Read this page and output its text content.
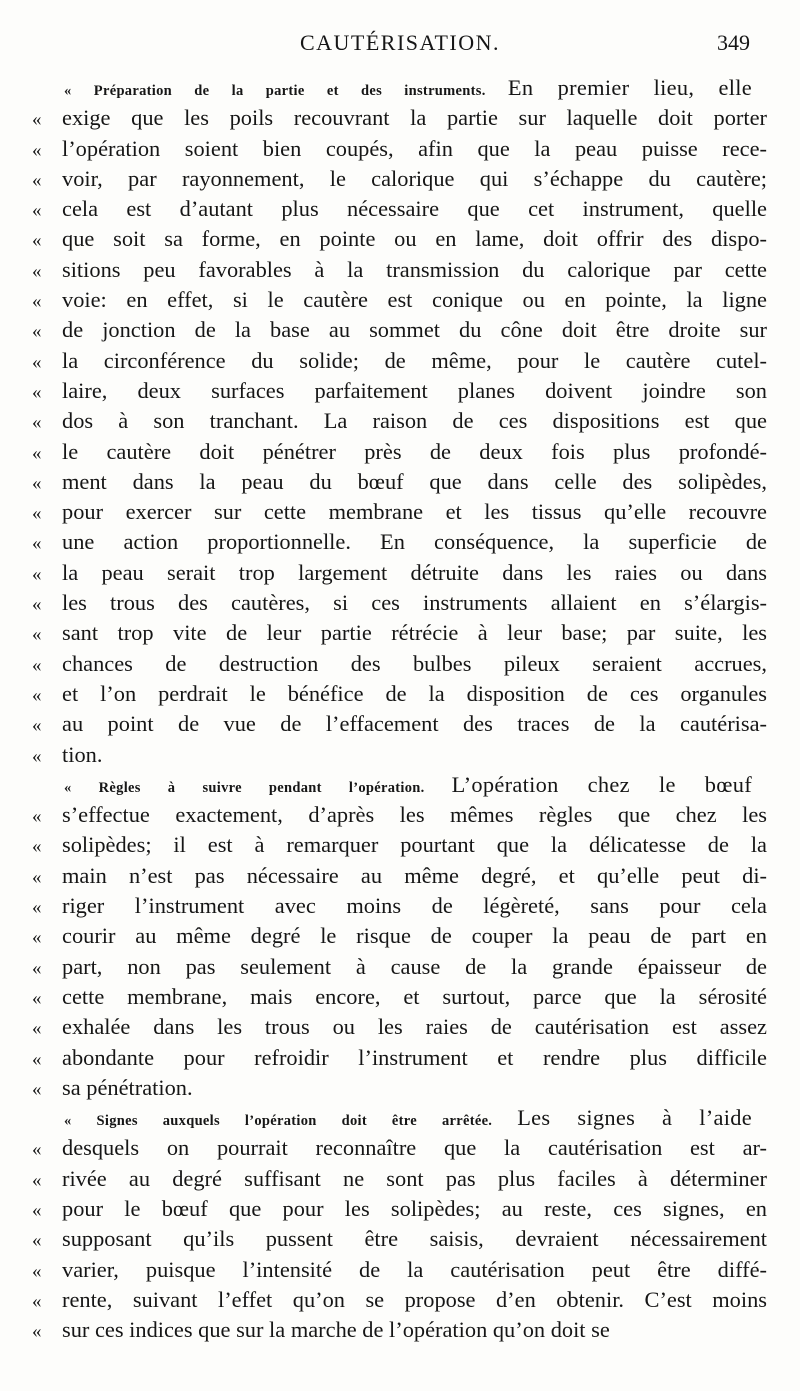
CAUTÉRISATION.	349
« Préparation de la partie et des instruments. En premier lieu, elle
« exige que les poils recouvrant la partie sur laquelle doit porter
« l’opération soient bien coupés, afin que la peau puisse rece-
« voir, par rayonnement, le calorique qui s’échappe du cautère;
« cela est d’autant plus nécessaire que cet instrument, quelle
« que soit sa forme, en pointe ou en lame, doit offrir des dispo-
« sitions peu favorables à la transmission du calorique par cette
« voie: en effet, si le cautère est conique ou en pointe, la ligne
« de jonction de la base au sommet du cône doit être droite sur
« la circonférence du solide; de même, pour le cautère cutel-
« laire, deux surfaces parfaitement planes doivent joindre son
« dos à son tranchant. La raison de ces dispositions est que
« le cautère doit pénétrer près de deux fois plus profondé-
« ment dans la peau du bœuf que dans celle des solipèdes,
« pour exercer sur cette membrane et les tissus qu’elle recouvre
« une action proportionnelle. En conséquence, la superficie de
« la peau serait trop largement détruite dans les raies ou dans
« les trous des cautères, si ces instruments allaient en s’élargis-
« sant trop vite de leur partie rétrécie à leur base; par suite, les
« chances de destruction des bulbes pileux seraient accrues,
« et l’on perdrait le bénéfice de la disposition de ces organules
« au point de vue de l’effacement des traces de la cautérisa-
« tion.
« Règles à suivre pendant l’opération. L’opération chez le bœuf
« s’effectue exactement, d’après les mêmes règles que chez les
« solipèdes; il est à remarquer pourtant que la délicatesse de la
« main n’est pas nécessaire au même degré, et qu’elle peut di-
« riger l’instrument avec moins de légèreté, sans pour cela
« courir au même degré le risque de couper la peau de part en
« part, non pas seulement à cause de la grande épaisseur de
« cette membrane, mais encore, et surtout, parce que la sérosité
« exhalée dans les trous ou les raies de cautérisation est assez
« abondante pour refroidir l’instrument et rendre plus difficile
« sa pénétration.
« Signes auxquels l’opération doit être arrêtée. Les signes à l’aide
« desquels on pourrait reconnaître que la cautérisation est ar-
« rivée au degré suffisant ne sont pas plus faciles à déterminer
« pour le bœuf que pour les solipèdes; au reste, ces signes, en
« supposant qu’ils pussent être saisis, devraient nécessairement
« varier, puisque l’intensité de la cautérisation peut être diffé-
« rente, suivant l’effet qu’on se propose d’en obtenir. C’est moins
« sur ces indices que sur la marche de l’opération qu’on doit se
